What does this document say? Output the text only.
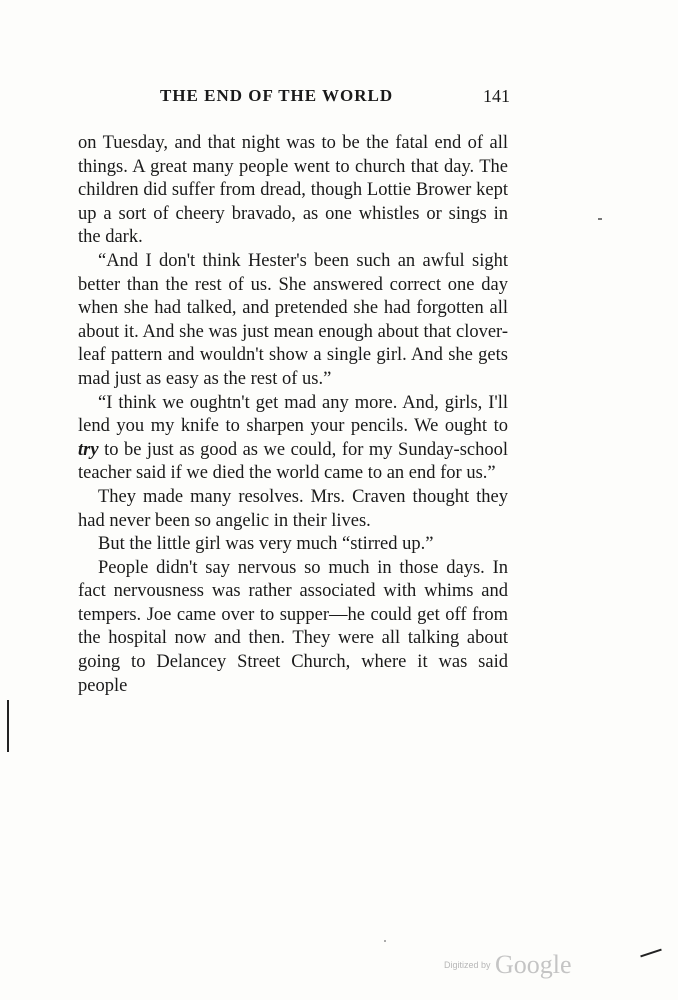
THE END OF THE WORLD	141

on Tuesday, and that night was to be the fatal end of all things. A great many people went to church that day. The children did suffer from dread, though Lottie Brower kept up a sort of cheery bravado, as one whistles or sings in the dark.

“And I don't think Hester's been such an awful sight better than the rest of us. She answered correct one day when she had talked, and pretended she had forgotten all about it. And she was just mean enough about that clover-leaf pattern and wouldn't show a single girl. And she gets mad just as easy as the rest of us.”

“I think we oughtn't get mad any more. And, girls, I'll lend you my knife to sharpen your pencils. We ought to try to be just as good as we could, for my Sunday-school teacher said if we died the world came to an end for us.”

They made many resolves. Mrs. Craven thought they had never been so angelic in their lives.

But the little girl was very much “stirred up.”

People didn't say nervous so much in those days. In fact nervousness was rather associated with whims and tempers. Joe came over to supper—he could get off from the hospital now and then. They were all talking about going to Delancey Street Church, where it was said people

Digitized by Google
